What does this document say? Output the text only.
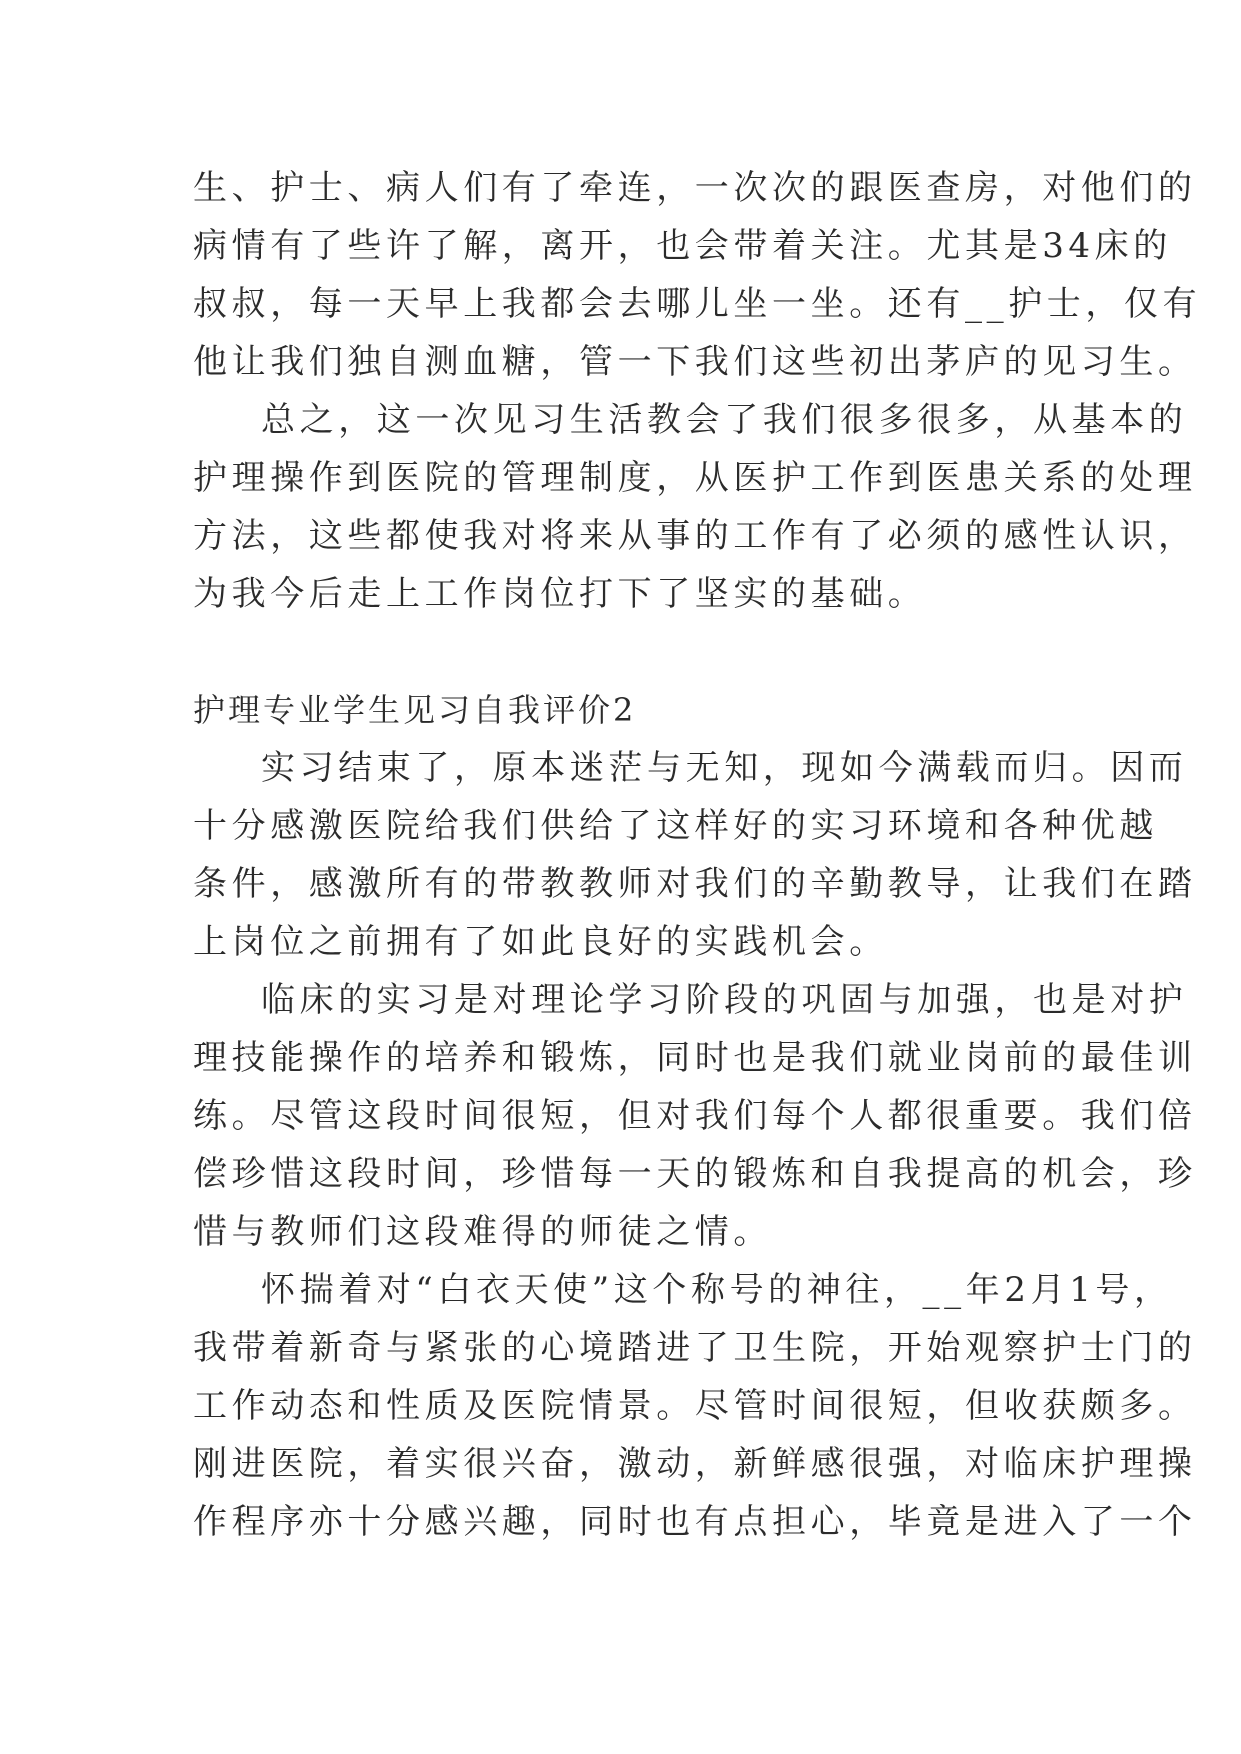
生、护士、病人们有了牵连，一次次的跟医查房，对他们的
病情有了些许了解，离开，也会带着关注。尤其是34床的
叔叔，每一天早上我都会去哪儿坐一坐。还有__护士，仅有
他让我们独自测血糖，管一下我们这些初出茅庐的见习生。
总之，这一次见习生活教会了我们很多很多，从基本的
护理操作到医院的管理制度，从医护工作到医患关系的处理
方法，这些都使我对将来从事的工作有了必须的感性认识，
为我今后走上工作岗位打下了坚实的基础。
护理专业学生见习自我评价2
实习结束了，原本迷茫与无知，现如今满载而归。因而
十分感激医院给我们供给了这样好的实习环境和各种优越
条件，感激所有的带教教师对我们的辛勤教导，让我们在踏
上岗位之前拥有了如此良好的实践机会。
临床的实习是对理论学习阶段的巩固与加强，也是对护
理技能操作的培养和锻炼，同时也是我们就业岗前的最佳训
练。尽管这段时间很短，但对我们每个人都很重要。我们倍
偿珍惜这段时间，珍惜每一天的锻炼和自我提高的机会，珍
惜与教师们这段难得的师徒之情。
怀揣着对“白衣天使”这个称号的神往，__年2月1号，
我带着新奇与紧张的心境踏进了卫生院，开始观察护士门的
工作动态和性质及医院情景。尽管时间很短，但收获颇多。
刚进医院，着实很兴奋，激动，新鲜感很强，对临床护理操
作程序亦十分感兴趣，同时也有点担心，毕竟是进入了一个
